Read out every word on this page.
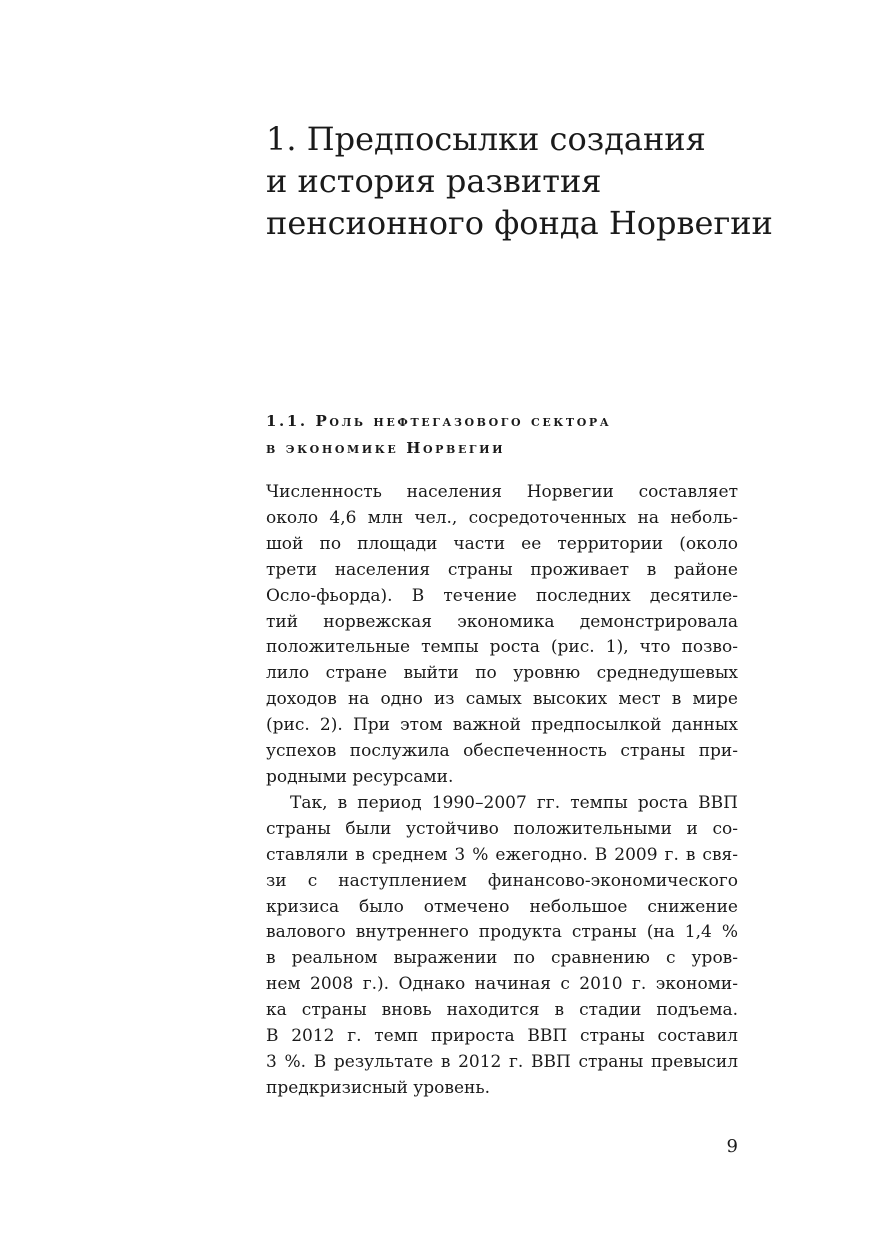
1. Предпосылки создания
и история развития
пенсионного фонда Норвегии
1.1. Роль нефтегазового сектора
в экономике Норвегии

Численность населения Норвегии составляет

около 4,6 млн чел., сосредоточенных на неболь-

шой по площади части ее территории (около

трети населения страны проживает в районе

Осло-фьорда). В течение последних десятиле-

тий норвежская экономика демонстрировала

положительные темпы роста (рис. 1), что позво-

лило стране выйти по уровню среднедушевых

доходов на одно из самых высоких мест в мире

(рис. 2). При этом важной предпосылкой данных

успехов послужила обеспеченность страны при-

родными ресурсами.

Так, в период 1990–2007 гг. темпы роста ВВП

страны были устойчиво положительными и со-

ставляли в среднем 3 % ежегодно. В 2009 г. в свя-

зи с наступлением финансово-экономического

кризиса было отмечено небольшое снижение

валового внутреннего продукта страны (на 1,4 %

в реальном выражении по сравнению с уров-

нем 2008 г.). Однако начиная с 2010 г. экономи-

ка страны вновь находится в стадии подъема.

В 2012 г. темп прироста ВВП страны составил

3 %. В результате в 2012 г. ВВП страны превысил

предкризисный уровень.

9
